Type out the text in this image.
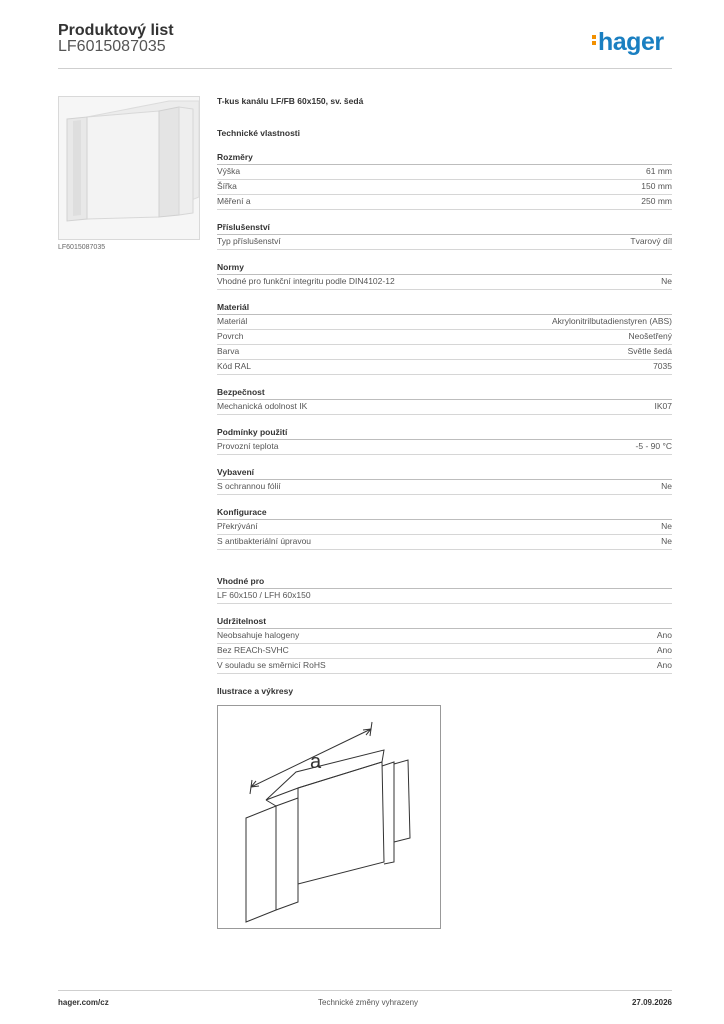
Produktový list
LF6015087035	hager
LF6015087035
T-kus kanálu LF/FB 60x150, sv. šedá
Technické vlastnosti
Rozměry
Výška	61 mm
Šířka	150 mm
Měření a	250 mm
Příslušenství
Typ příslušenství	Tvarový díl
Normy
Vhodné pro funkční integritu podle DIN4102-12	Ne
Materiál
Materiál	Akrylonitrilbutadienstyren (ABS)
Povrch	Neošetřený
Barva	Světle šedá
Kód RAL	7035
Bezpečnost
Mechanická odolnost IK	IK07
Podmínky použití
Provozní teplota	-5 - 90 °C
Vybavení
S ochrannou fólií	Ne
Konfigurace
Překrývání	Ne
S antibakteriální úpravou	Ne
Vhodné pro
LF 60x150 / LFH 60x150
Udržitelnost
Neobsahuje halogeny	Ano
Bez REACh-SVHC	Ano
V souladu se směrnicí RoHS	Ano
Ilustrace a výkresy
a
hager.com/cz	Technické změny vyhrazeny	27.09.2026
